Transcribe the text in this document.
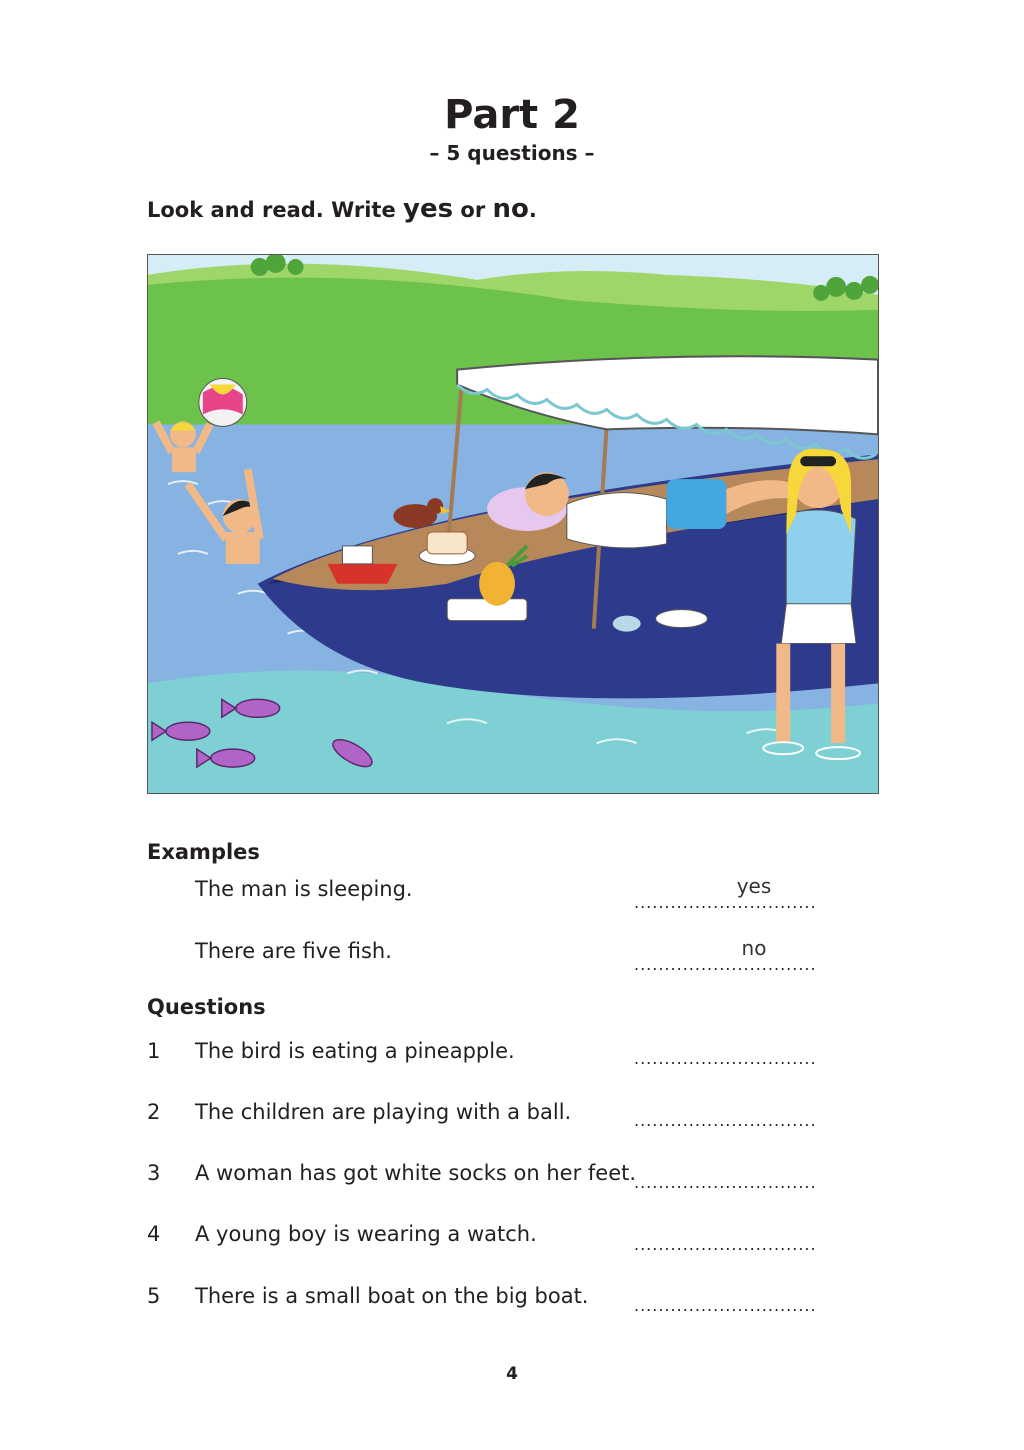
Part 2
– 5 questions –
Look and read. Write yes or no.
Examples
The man is sleeping.	yes
..............................
There are five fish.	no
..............................
Questions
1 The bird is eating a pineapple.	..............................
2 The children are playing with a ball.	..............................
3 A woman has got white socks on her feet.
..............................
4 A young boy is wearing a watch.	..............................
5 There is a small boat on the big boat.	..............................
4
